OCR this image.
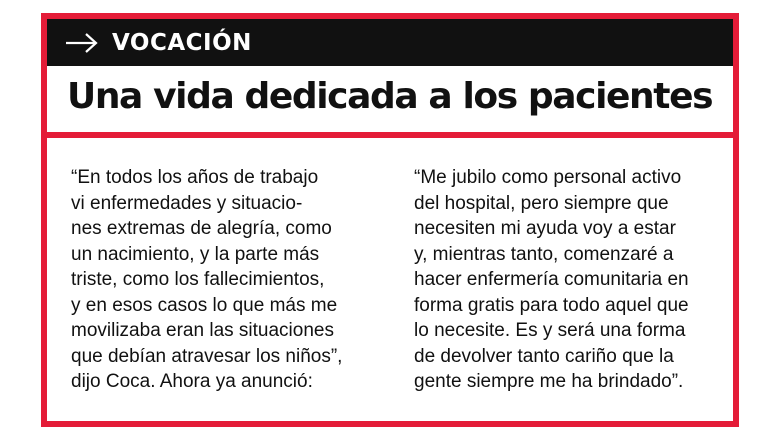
VOCACIÓN
Una vida dedicada a los pacientes
“En todos los años de trabajo
vi enfermedades y situacio-
nes extremas de alegría, como
un nacimiento, y la parte más
triste, como los fallecimientos,
y en esos casos lo que más me
movilizaba eran las situaciones
que debían atravesar los niños”,
dijo Coca. Ahora ya anunció:
“Me jubilo como personal activo
del hospital, pero siempre que
necesiten mi ayuda voy a estar
y, mientras tanto, comenzaré a
hacer enfermería comunitaria en
forma gratis para todo aquel que
lo necesite. Es y será una forma
de devolver tanto cariño que la
gente siempre me ha brindado”.
